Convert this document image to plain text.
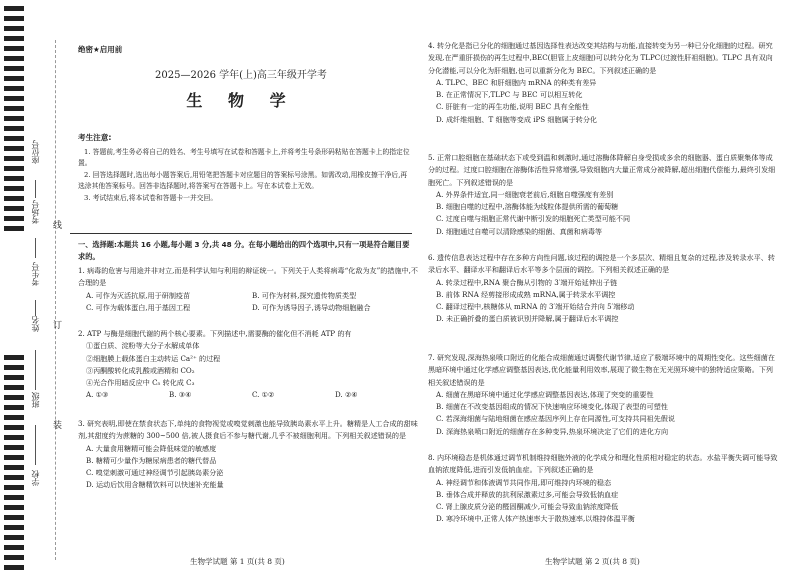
座位号
考场号
考生号
姓名
班级
学校
线
订
装
绝密★启用前
2025—2026 学年(上)高三年级开学考
生 物 学
考生注意:

1. 答题前,考生务必将自己的姓名、考生号填写在试卷和答题卡上,并将考生号条形码粘贴在答题卡上的指定位置。

2. 回答选择题时,选出每小题答案后,用铅笔把答题卡对应题目的答案标号涂黑。如需改动,用橡皮擦干净后,再选涂其他答案标号。回答非选择题时,将答案写在答题卡上。写在本试卷上无效。

3. 考试结束后,将本试卷和答题卡一并交回。

一、选择题:本题共 16 小题,每小题 3 分,共 48 分。在每小题给出的四个选项中,只有一项是符合题目要求的。

1. 病毒的危害与用途并非对立,而是科学认知与利用的辩证统一。下列关于人类将病毒“化敌为友”的措施中,不合理的是

A. 可作为灭活抗原,用于研制疫苗	B. 可作为材料,探究遗传物质类型
C. 可作为载体蛋白,用于基因工程	D. 可作为诱导因子,诱导动物细胞融合

2. ATP 与酶是细胞代谢的两个核心要素。下列描述中,需要酶的催化但不消耗 ATP 的有

①蛋白质、淀粉等大分子水解成单体

②细胞膜上载体蛋白主动转运 Ca²⁺ 的过程

③丙酮酸转化成乳酸或酒精和 CO₂

④光合作用暗反应中 C₅ 转化成 C₃

A. ①③	B. ③④	C. ①②	D. ②④

3. 研究表明,即使在禁食状态下,单纯的食物视觉或嗅觉刺激也能导致胰岛素水平上升。糖精是人工合成的甜味剂,其甜度约为蔗糖的 300~500 倍,被人摄食后不参与糖代谢,几乎不被细胞利用。下列相关叙述错误的是

A. 大量食用糖精可能会降低味觉的敏感度

B. 糖精可少量作为糖尿病患者的糖代替品

C. 嗅觉刺激可通过神经调节引起胰岛素分泌

D. 运动后饮用含糖精饮料可以快速补充能量

生物学试题 第 1 页(共 8 页)

4. 转分化是指已分化的细胞通过基因选择性表达改变其结构与功能,直接转变为另一种已分化细胞的过程。研究发现,在严重肝损伤的再生过程中,BEC(胆管上皮细胞)可以转分化为 TLPC(过渡性肝祖细胞)。TLPC 具有双向分化潜能,可以分化为肝细胞,也可以重新分化为 BEC。下列叙述正确的是

A. TLPC、BEC 和肝细胞内 mRNA 的种类有差异

B. 在正常情况下,TLPC 与 BEC 可以相互转化

C. 肝脏有一定的再生功能,说明 BEC 具有全能性

D. 成纤维细胞、T 细胞等变成 iPS 细胞属于转分化

5. 正常口腔细胞在基础状态下或受到温和刺激时,通过溶酶体降解自身受损或多余的细胞器、蛋白质聚集体等成分的过程。过度口腔细胞在溶酶体活性异常增强,导致细胞内大量正常成分被降解,超出细胞代偿能力,最终引发细胞死亡。下列叙述错误的是

A. 外界条件适宜,同一细胞衰老前后,细胞自噬强度有差别

B. 细胞自噬的过程中,溶酶体能为线粒体提供所需的葡萄糖

C. 过度自噬与细胞正常代谢中断引发的细胞死亡类型可能不同

D. 细胞通过自噬可以清除感染的细菌、真菌和病毒等

6. 遗传信息表达过程中存在多种方向性问题,该过程的调控是一个多层次、精细且复杂的过程,涉及转录水平、转录后水平、翻译水平和翻译后水平等多个层面的调控。下列相关叙述正确的是

A. 转录过程中,RNA 聚合酶从引物的 3′端开始延伸出子链

B. 前体 RNA 经剪接形成成熟 mRNA,属于转录水平调控

C. 翻译过程中,核糖体从 mRNA 的 3′端开始结合并向 5′端移动

D. 未正确折叠的蛋白质被识别并降解,属于翻译后水平调控

7. 研究发现,深海热泉喷口附近的化能合成细菌通过调整代谢节律,适应了极端环境中的周期性变化。这些细菌在黑暗环境中通过化学感应调整基因表达,优化能量利用效率,展现了微生物在无光照环境中的独特适应策略。下列相关叙述错误的是

A. 细菌在黑暗环境中通过化学感应调整基因表达,体现了突变的重要性

B. 细菌在不改变基因组成的情况下快速响应环境变化,体现了表型的可塑性

C. 若深海细菌与陆地细菌在感应基因序列上存在同源性,可支持共同祖先假说

D. 深海热泉喷口附近的细菌存在多种变异,热泉环境决定了它们的进化方向

8. 内环境稳态是机体通过调节机制维持细胞外液的化学成分和理化性质相对稳定的状态。水盐平衡失调可能导致血钠浓度降低,进而引发低钠血症。下列叙述正确的是

A. 神经调节和体液调节共同作用,即可维持内环境的稳态

B. 垂体合成并释放的抗利尿激素过多,可能会导致低钠血症

C. 肾上腺皮质分泌的醛固酮减少,可能会导致血钠浓度降低

D. 寒冷环境中,正常人体产热速率大于散热速率,以维持体温平衡

生物学试题 第 2 页(共 8 页)
